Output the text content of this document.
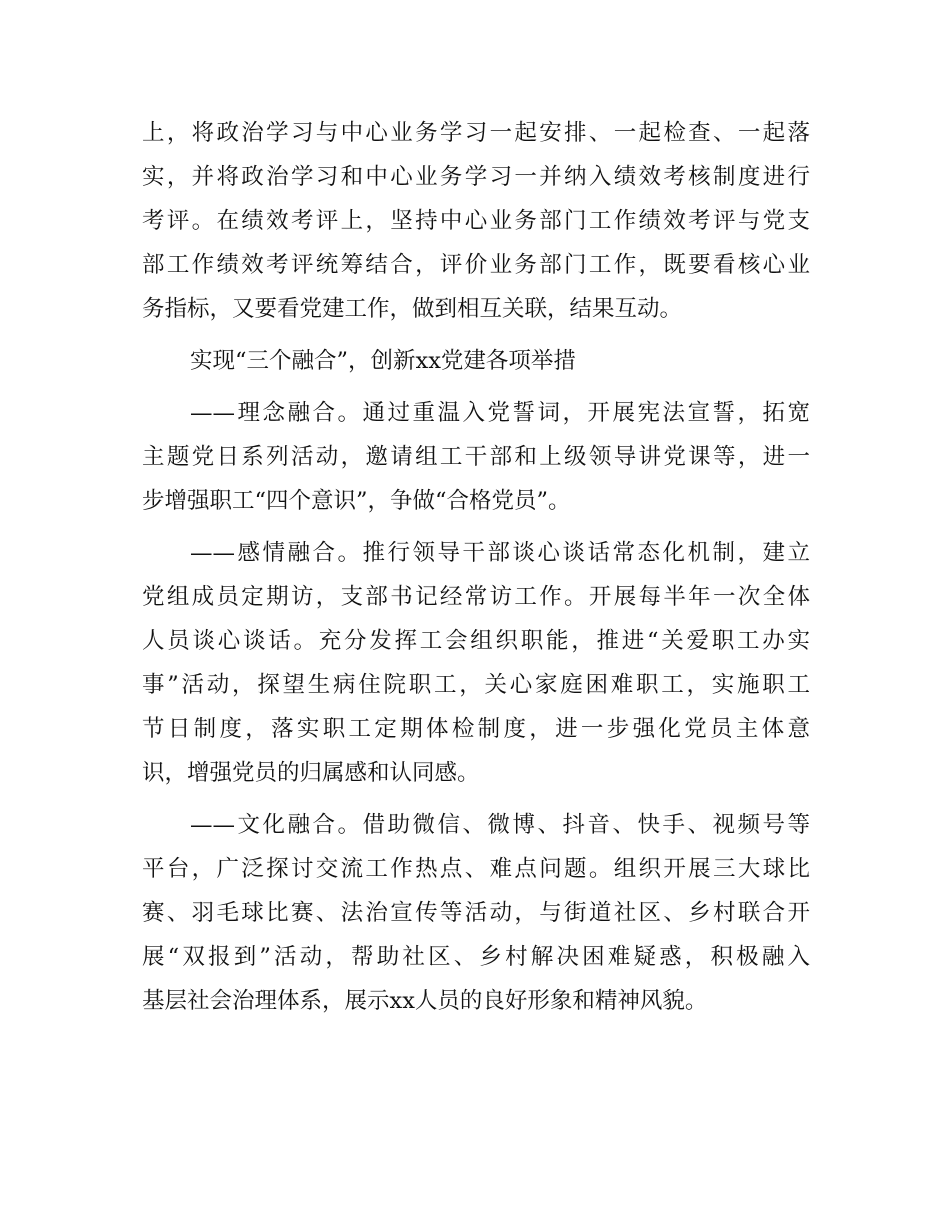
上，将政治学习与中心业务学习一起安排、一起检查、一起落
实，并将政治学习和中心业务学习一并纳入绩效考核制度进行
考评。在绩效考评上，坚持中心业务部门工作绩效考评与党支
部工作绩效考评统筹结合，评价业务部门工作，既要看核心业
务指标，又要看党建工作，做到相互关联，结果互动。
实现“三个融合”，创新xx党建各项举措
——理念融合。通过重温入党誓词，开展宪法宣誓，拓宽
主题党日系列活动，邀请组工干部和上级领导讲党课等，进一
步增强职工“四个意识”，争做“合格党员”。
——感情融合。推行领导干部谈心谈话常态化机制，建立
党组成员定期访，支部书记经常访工作。开展每半年一次全体
人员谈心谈话。充分发挥工会组织职能，推进“关爱职工办实
事”活动，探望生病住院职工，关心家庭困难职工，实施职工
节日制度，落实职工定期体检制度，进一步强化党员主体意
识，增强党员的归属感和认同感。
——文化融合。借助微信、微博、抖音、快手、视频号等
平台，广泛探讨交流工作热点、难点问题。组织开展三大球比
赛、羽毛球比赛、法治宣传等活动，与街道社区、乡村联合开
展“双报到”活动，帮助社区、乡村解决困难疑惑，积极融入
基层社会治理体系，展示xx人员的良好形象和精神风貌。
